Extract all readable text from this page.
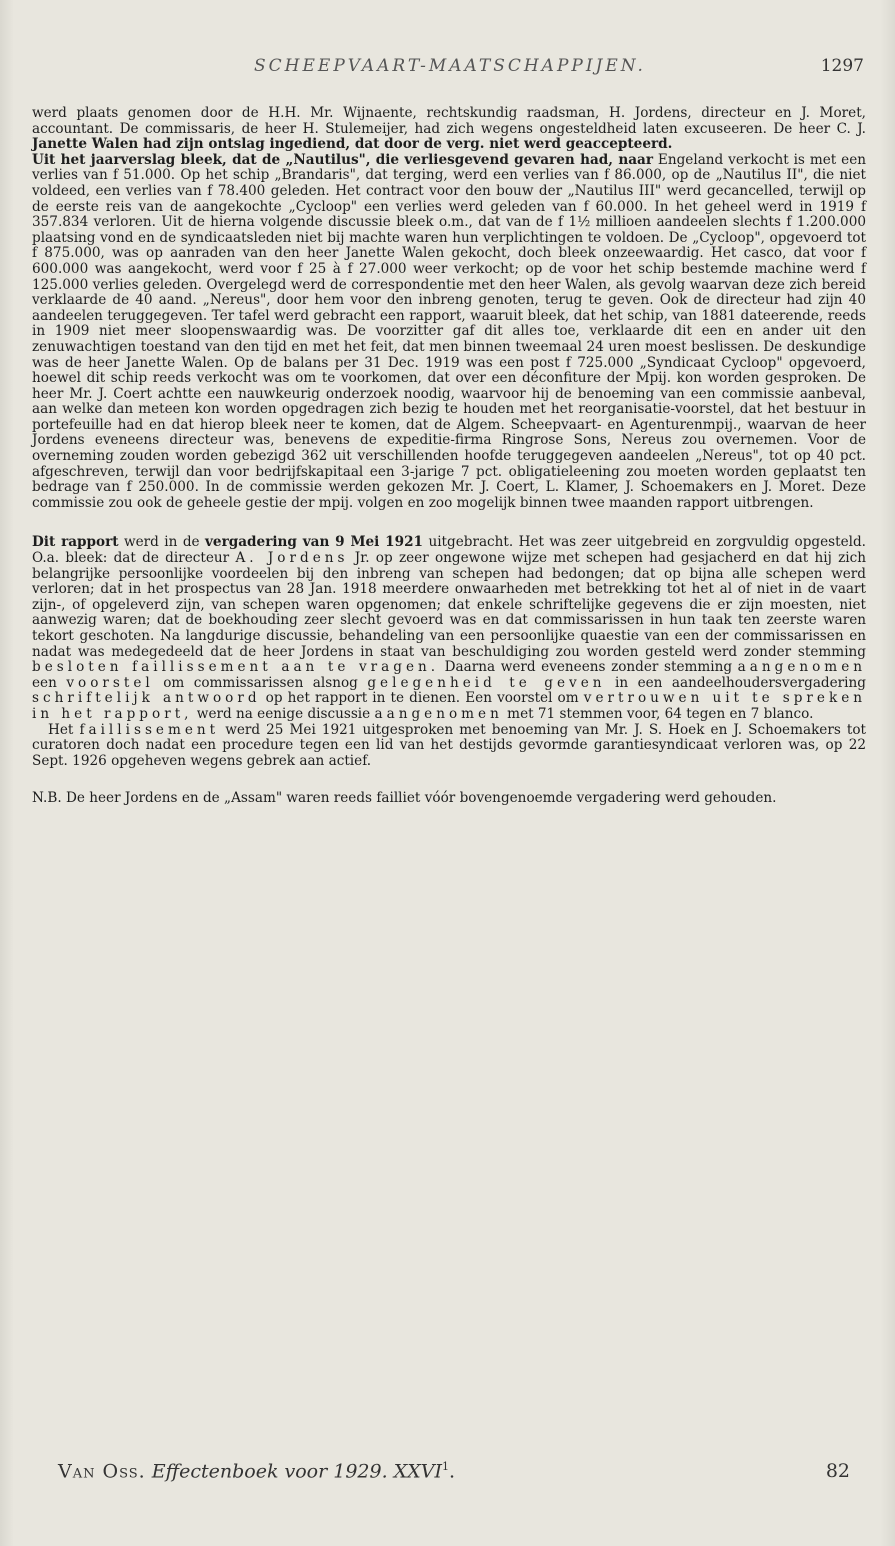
SCHEEPVAART-MAATSCHAPPIJEN.	1297

werd plaats genomen door de H.H. Mr. Wijnaente, rechtskundig raadsman, H. Jordens, directeur en J. Moret, accountant. De commissaris, de heer H. Stulemeijer, had zich wegens ongesteldheid laten excuseeren. De heer C. J. Janette Walen had zijn ontslag ingediend, dat door de verg. niet werd geaccepteerd.

Uit het jaarverslag bleek, dat de „Nautilus", die verliesgevend gevaren had, naar Engeland verkocht is met een verlies van f 51.000. Op het schip „Brandaris", dat terging, werd een verlies van f 86.000, op de „Nautilus II", die niet voldeed, een verlies van f 78.400 geleden. Het contract voor den bouw der „Nautilus III" werd gecancelled, terwijl op de eerste reis van de aangekochte „Cycloop" een verlies werd geleden van f 60.000. In het geheel werd in 1919 f 357.834 verloren. Uit de hierna volgende discussie bleek o.m., dat van de f 1½ millioen aandeelen slechts f 1.200.000 plaatsing vond en de syndicaatsleden niet bij machte waren hun verplichtingen te voldoen. De „Cycloop", opgevoerd tot f 875.000, was op aanraden van den heer Janette Walen gekocht, doch bleek onzeewaardig. Het casco, dat voor f 600.000 was aangekocht, werd voor f 25 à f 27.000 weer verkocht; op de voor het schip bestemde machine werd f 125.000 verlies geleden. Overgelegd werd de correspondentie met den heer Walen, als gevolg waarvan deze zich bereid verklaarde de 40 aand. „Nereus", door hem voor den inbreng genoten, terug te geven. Ook de directeur had zijn 40 aandeelen teruggegeven. Ter tafel werd gebracht een rapport, waaruit bleek, dat het schip, van 1881 dateerende, reeds in 1909 niet meer sloopenswaardig was. De voorzitter gaf dit alles toe, verklaarde dit een en ander uit den zenuwachtigen toestand van den tijd en met het feit, dat men binnen tweemaal 24 uren moest beslissen. De deskundige was de heer Janette Walen. Op de balans per 31 Dec. 1919 was een post f 725.000 „Syndicaat Cycloop" opgevoerd, hoewel dit schip reeds verkocht was om te voorkomen, dat over een déconfiture der Mpij. kon worden gesproken. De heer Mr. J. Coert achtte een nauwkeurig onderzoek noodig, waarvoor hij de benoeming van een commissie aanbeval, aan welke dan meteen kon worden opgedragen zich bezig te houden met het reorganisatie-voorstel, dat het bestuur in portefeuille had en dat hierop bleek neer te komen, dat de Algem. Scheepvaart- en Agenturenmpij., waarvan de heer Jordens eveneens directeur was, benevens de expeditie-firma Ringrose Sons, Nereus zou overnemen. Voor de overneming zouden worden gebezigd 362 uit verschillenden hoofde teruggegeven aandeelen „Nereus", tot op 40 pct. afgeschreven, terwijl dan voor bedrijfskapitaal een 3-jarige 7 pct. obligatieleening zou moeten worden geplaatst ten bedrage van f 250.000. In de commissie werden gekozen Mr. J. Coert, L. Klamer, J. Schoemakers en J. Moret. Deze commissie zou ook de geheele gestie der mpij. volgen en zoo mogelijk binnen twee maanden rapport uitbrengen.

Dit rapport werd in de vergadering van 9 Mei 1921 uitgebracht. Het was zeer uitgebreid en zorgvuldig opgesteld. O.a. bleek: dat de directeur A. Jordens Jr. op zeer ongewone wijze met schepen had gesjacherd en dat hij zich belangrijke persoonlijke voordeelen bij den inbreng van schepen had bedongen; dat op bijna alle schepen werd verloren; dat in het prospectus van 28 Jan. 1918 meerdere onwaarheden met betrekking tot het al of niet in de vaart zijn-, of opgeleverd zijn, van schepen waren opgenomen; dat enkele schriftelijke gegevens die er zijn moesten, niet aanwezig waren; dat de boekhouding zeer slecht gevoerd was en dat commissarissen in hun taak ten zeerste waren tekort geschoten. Na langdurige discussie, behandeling van een persoonlijke quaestie van een der commissarissen en nadat was medegedeeld dat de heer Jordens in staat van beschuldiging zou worden gesteld werd zonder stemming besloten faillissement aan te vragen. Daarna werd eveneens zonder stemming aangenomen een voorstel om commissarissen alsnog gelegenheid te geven in een aandeelhoudersvergadering schriftelijk antwoord op het rapport in te dienen. Een voorstel om vertrouwen uit te spreken in het rapport, werd na eenige discussie aangenomen met 71 stemmen voor, 64 tegen en 7 blanco.

Het faillissement werd 25 Mei 1921 uitgesproken met benoeming van Mr. J. S. Hoek en J. Schoemakers tot curatoren doch nadat een procedure tegen een lid van het destijds gevormde garantiesyndicaat verloren was, op 22 Sept. 1926 opgeheven wegens gebrek aan actief.

N.B. De heer Jordens en de „Assam" waren reeds failliet vóór bovengenoemde vergadering werd gehouden.

Van Oss. Effectenboek voor 1929. XXVI$^1$.	82
